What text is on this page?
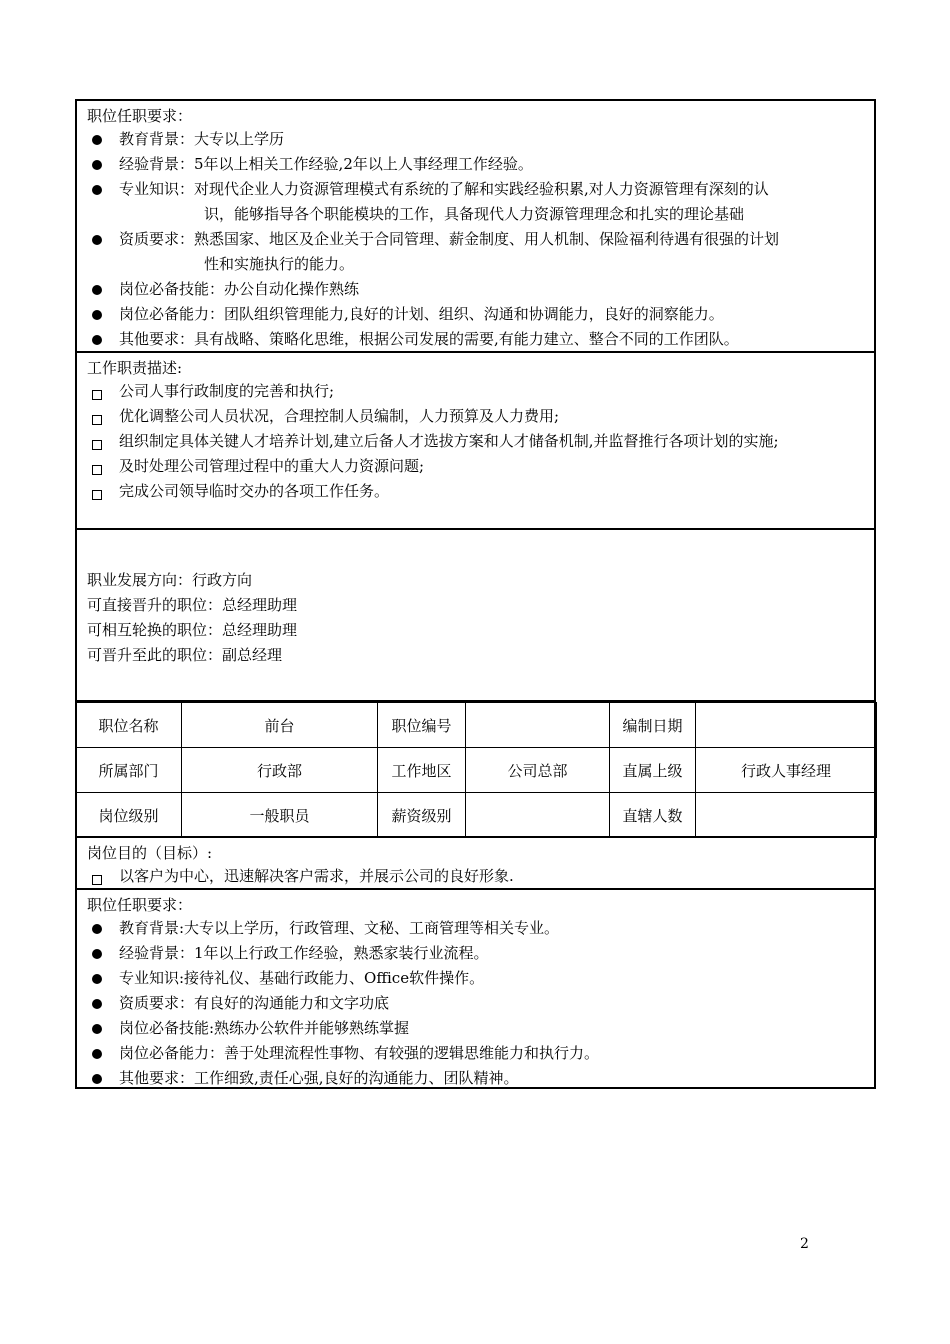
职位任职要求：
教育背景：大专以上学历
经验背景：5年以上相关工作经验,2年以上人事经理工作经验。
专业知识：对现代企业人力资源管理模式有系统的了解和实践经验积累,对人力资源管理有深刻的认
识，能够指导各个职能模块的工作，具备现代人力资源管理理念和扎实的理论基础
资质要求：熟悉国家、地区及企业关于合同管理、薪金制度、用人机制、保险福利待遇有很强的计划
性和实施执行的能力。
岗位必备技能：办公自动化操作熟练
岗位必备能力：团队组织管理能力,良好的计划、组织、沟通和协调能力，良好的洞察能力。
其他要求：具有战略、策略化思维，根据公司发展的需要,有能力建立、整合不同的工作团队。
工作职责描述:
公司人事行政制度的完善和执行;
优化调整公司人员状况，合理控制人员编制，人力预算及人力费用;
组织制定具体关键人才培养计划,建立后备人才选拔方案和人才储备机制,并监督推行各项计划的实施;
及时处理公司管理过程中的重大人力资源问题;
完成公司领导临时交办的各项工作任务。
职业发展方向：行政方向
可直接晋升的职位：总经理助理
可相互轮换的职位：总经理助理
可晋升至此的职位：副总经理
职位名称	前台	职位编号		编制日期	
所属部门	行政部	工作地区	公司总部	直属上级	行政人事经理
岗位级别	一般职员	薪资级别		直辖人数	
岗位目的（目标）:
以客户为中心，迅速解决客户需求，并展示公司的良好形象.
职位任职要求：
教育背景:大专以上学历，行政管理、文秘、工商管理等相关专业。
经验背景：1年以上行政工作经验，熟悉家装行业流程。
专业知识:接待礼仪、基础行政能力、Office软件操作。
资质要求：有良好的沟通能力和文字功底
岗位必备技能:熟练办公软件并能够熟练掌握
岗位必备能力：善于处理流程性事物、有较强的逻辑思维能力和执行力。
其他要求：工作细致,责任心强,良好的沟通能力、团队精神。
2
